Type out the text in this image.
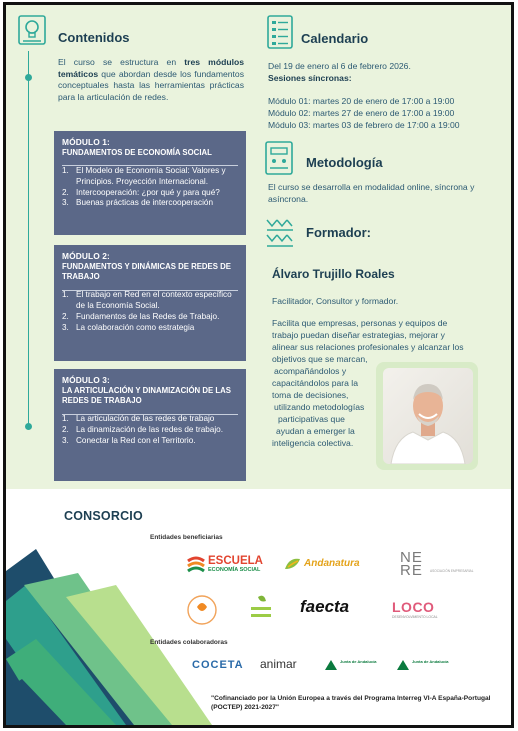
Contenidos

El curso se estructura en tres módulos temáticos que abordan desde los fundamentos conceptuales hasta las herramientas prácticas para la articulación de redes.

MÓDULO 1:
FUNDAMENTOS DE ECONOMÍA SOCIAL
1. El Modelo de Economía Social: Valores y Principios. Proyección Internacional.
2. Intercooperación: ¿por qué y para qué?
3. Buenas prácticas de intercooperación
MÓDULO 2:
FUNDAMENTOS Y DINÁMICAS DE REDES DE TRABAJO
1. El trabajo en Red en el contexto específico de la Economía Social.
2. Fundamentos de las Redes de Trabajo.
3. La colaboración como estrategia
MÓDULO 3:
LA ARTICULACIÓN Y DINAMIZACIÓN DE LAS REDES DE TRABAJO
1. La articulación de las redes de trabajo
2. La dinamización de las redes de trabajo.
3. Conectar la Red con el Territorio.
Calendario
Del 19 de enero al 6 de febrero 2026.
Sesiones síncronas:
Módulo 01: martes 20 de enero de 17:00 a 19:00
Módulo 02: martes 27 de enero de 17:00 a 19:00
Módulo 03: martes 03 de febrero de 17:00 a 19:00
Metodología
El curso se desarrolla en modalidad online, síncrona y
asíncrona.
Formador:
Álvaro Trujillo Roales
Facilitador, Consultor y formador.
Facilita que empresas, personas y equipos de
trabajo puedan diseñar estrategias, mejorar y
alinear sus relaciones profesionales y alcanzar los
objetivos que se marcan,
acompañándolos y
capacitándolos para la
toma de decisiones,
utilizando metodologías
participativas que
ayudan a emerger la
inteligencia colectiva.
CONSORCIO
Entidades beneficiarias
ESCUELA
ECONOMÍA SOCIAL
Andanatura	NERE	ASOCIACIÓN EMPRESARIAL
faecta	LOCO
DESENVOLVIMENTO LOCAL
Entidades colaboradoras
COCETA animar	Junta de Andalucía	Junta de Andalucía
"Cofinanciado por la Unión Europea a través del Programa Interreg VI-A España-Portugal (POCTEP) 2021-2027"
